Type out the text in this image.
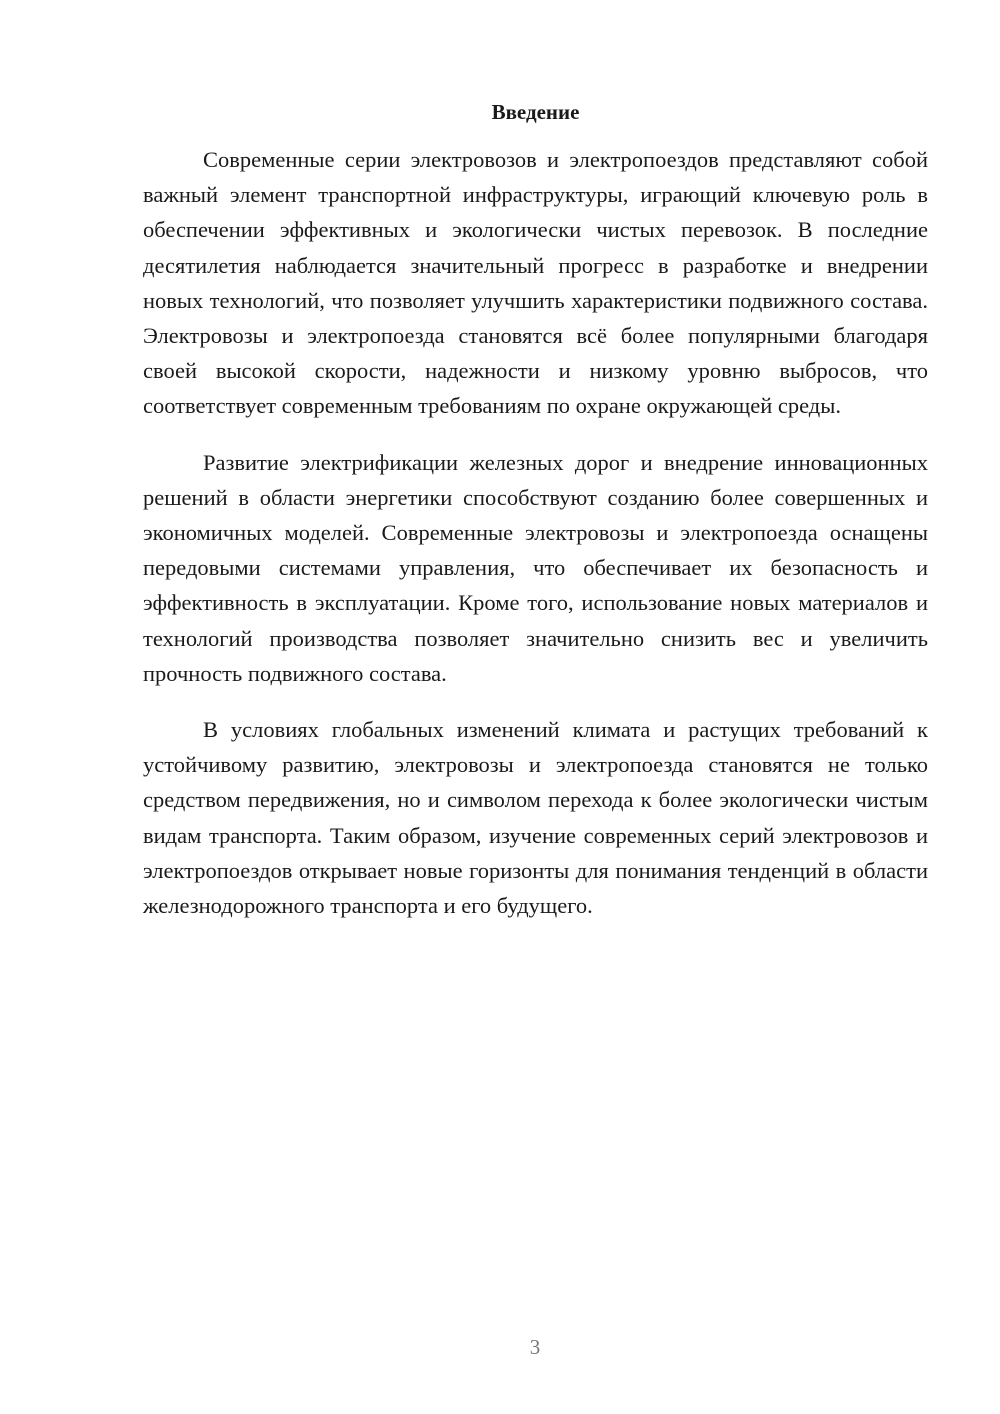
Введение

Современные серии электровозов и электропоездов представляют собой важный элемент транспортной инфраструктуры, играющий ключевую роль в обеспечении эффективных и экологически чистых перевозок. В последние десятилетия наблюдается значительный прогресс в разработке и внедрении новых технологий, что позволяет улучшить характеристики подвижного состава. Электровозы и электропоезда становятся всё более популярными благодаря своей высокой скорости, надежности и низкому уровню выбросов, что соответствует современным требованиям по охране окружающей среды.

Развитие электрификации железных дорог и внедрение инновационных решений в области энергетики способствуют созданию более совершенных и экономичных моделей. Современные электровозы и электропоезда оснащены передовыми системами управления, что обеспечивает их безопасность и эффективность в эксплуатации. Кроме того, использование новых материалов и технологий производства позволяет значительно снизить вес и увеличить прочность подвижного состава.

В условиях глобальных изменений климата и растущих требований к устойчивому развитию, электровозы и электропоезда становятся не только средством передвижения, но и символом перехода к более экологически чистым видам транспорта. Таким образом, изучение современных серий электровозов и электропоездов открывает новые горизонты для понимания тенденций в области железнодорожного транспорта и его будущего.

3
